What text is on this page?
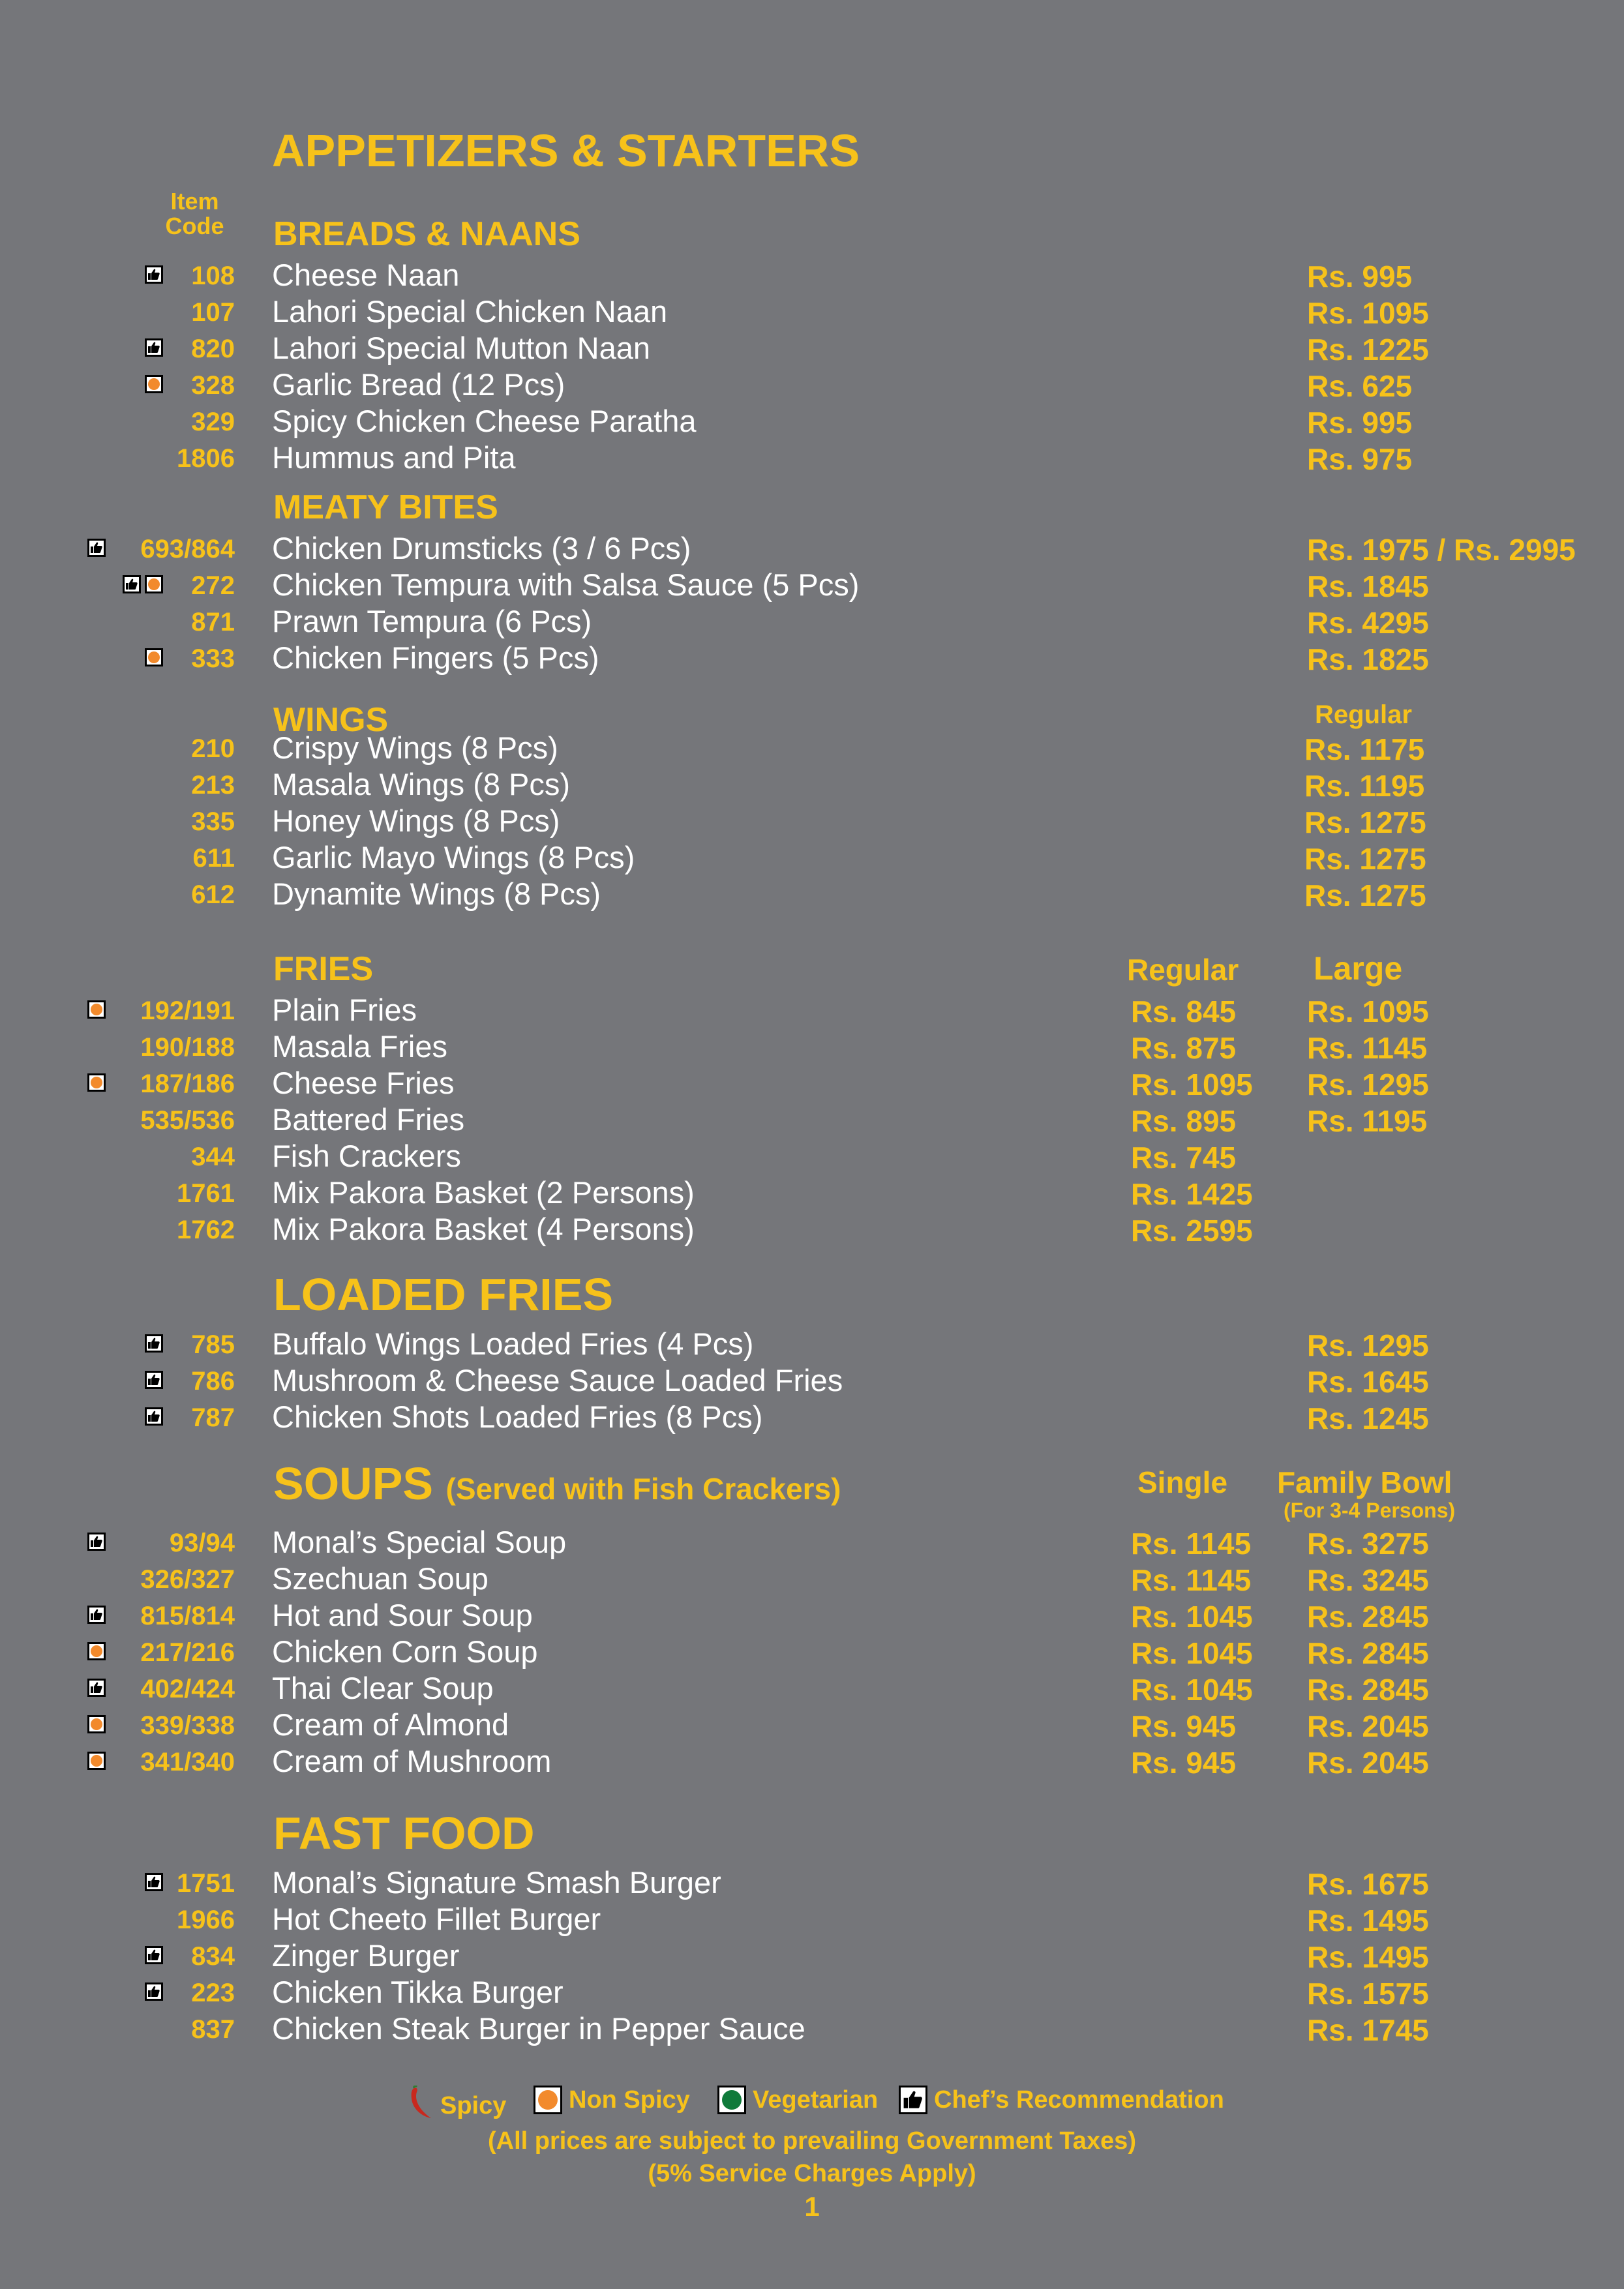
APPETIZERS & STARTERS
Item
Code	BREADS & NAANS
108 Cheese Naan	Rs. 995
107 Lahori Special Chicken Naan	Rs. 1095
820 Lahori Special Mutton Naan	Rs. 1225
328 Garlic Bread (12 Pcs)	Rs. 625
329 Spicy Chicken Cheese Paratha	Rs. 995
1806 Hummus and Pita	Rs. 975
MEATY BITES
693/864 Chicken Drumsticks (3 / 6 Pcs)	Rs. 1975 / Rs. 2995
272 Chicken Tempura with Salsa Sauce (5 Pcs)	Rs. 1845
871 Prawn Tempura (6 Pcs)	Rs. 4295
333 Chicken Fingers (5 Pcs)	Rs. 1825
WINGS	Regular
210 Crispy Wings (8 Pcs)	Rs. 1175
213 Masala Wings (8 Pcs)	Rs. 1195
335 Honey Wings (8 Pcs)	Rs. 1275
611 Garlic Mayo Wings (8 Pcs)	Rs. 1275
612 Dynamite Wings (8 Pcs)	Rs. 1275
FRIES	Regular Large
192/191 Plain Fries	Rs. 845 Rs. 1095
190/188 Masala Fries	Rs. 875 Rs. 1145
187/186 Cheese Fries	Rs. 1095 Rs. 1295
535/536 Battered Fries	Rs. 895 Rs. 1195
344 Fish Crackers	Rs. 745
1761 Mix Pakora Basket (2 Persons)	Rs. 1425
1762 Mix Pakora Basket (4 Persons)	Rs. 2595
LOADED FRIES
785 Buffalo Wings Loaded Fries (4 Pcs)	Rs. 1295
786 Mushroom & Cheese Sauce Loaded Fries	Rs. 1645
787 Chicken Shots Loaded Fries (8 Pcs)	Rs. 1245
SOUPS (Served with Fish Crackers)	Single Family Bowl
(For 3-4 Persons)
93/94 Monal’s Special Soup	Rs. 1145 Rs. 3275
326/327 Szechuan Soup	Rs. 1145 Rs. 3245
815/814 Hot and Sour Soup	Rs. 1045 Rs. 2845
217/216 Chicken Corn Soup	Rs. 1045 Rs. 2845
402/424 Thai Clear Soup	Rs. 1045 Rs. 2845
339/338 Cream of Almond	Rs. 945 Rs. 2045
341/340 Cream of Mushroom	Rs. 945 Rs. 2045
FAST FOOD
1751 Monal’s Signature Smash Burger	Rs. 1675
1966 Hot Cheeto Fillet Burger	Rs. 1495
834 Zinger Burger	Rs. 1495
223 Chicken Tikka Burger	Rs. 1575
837 Chicken Steak Burger in Pepper Sauce	Rs. 1745
Spicy	Non Spicy	Vegetarian Chef’s Recommendation
(All prices are subject to prevailing Government Taxes)
(5% Service Charges Apply)
1
